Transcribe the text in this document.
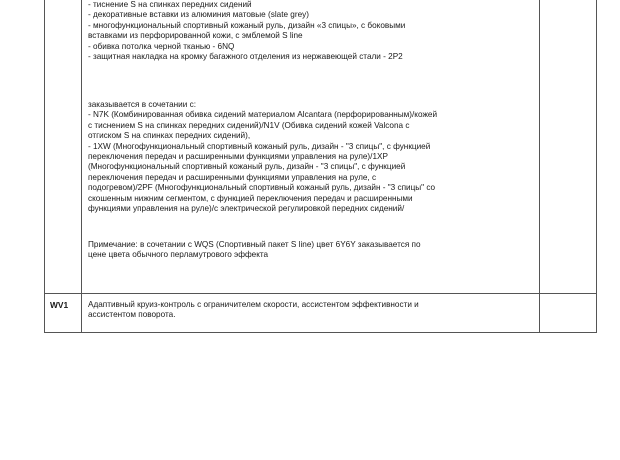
- тиснение S на спинках передних сидений
- декоративные вставки из алюминия матовые (slate grey)
- многофункциональный спортивный кожаный руль, дизайн «3 спицы», с боковыми
вставками из перфорированной кожи, с эмблемой S line
- обивка потолка черной тканью - 6NQ
- защитная накладка на кромку багажного отделения из нержавеющей стали - 2P2
заказывается в сочетании с:
- N7K (Комбинированная обивка сидений материалом Alcantara (перфорированным)/кожей
с тиснением S на спинках передних сидений)/N1V (Обивка сидений кожей Valcona с
отгиском S на спинках передних сидений),
- 1XW (Многофункциональный спортивный кожаный руль, дизайн - "3 спицы", с функцией
переключения передач и расширенными функциями управления на руле)/1XP
(Многофункциональный спортивный кожаный руль, дизайн - "3 спицы", с функцией
переключения передач и расширенными функциями управления на руле, с
подогревом)/2PF (Многофункциональный спортивный кожаный руль, дизайн - "3 спицы" со
скошенным нижним сегментом, с функцией переключения передач и расширенными
функциями управления на руле)/с электрической регулировкой передних сидений/
Примечание: в сочетании с WQS (Спортивный пакет S line) цвет 6Y6Y заказывается по
цене цвета обычного перламутрового эффекта
WV1 Адаптивный круиз-контроль с ограничителем скорости, ассистентом эффективности и
ассистентом поворота.
